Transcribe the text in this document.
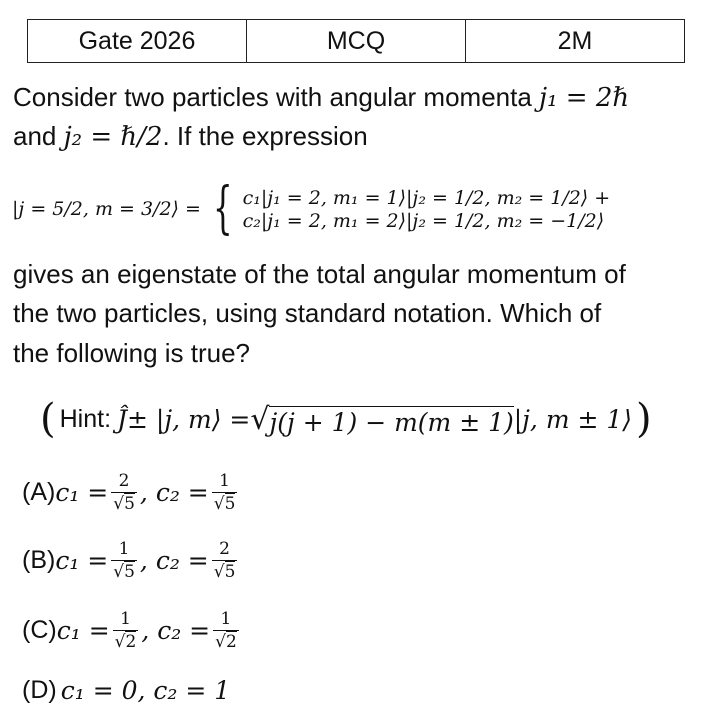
Gate 2026	MCQ	2M
Consider two particles with angular momenta j₁ = 2ℏ
and j₂ = ℏ/2. If the expression
|j = 5/2, m = 3/2⟩ = { c₁|j₁ = 2, m₁ = 1⟩|j₂ = 1/2, m₂ = 1/2⟩ +
c₂|j₁ = 2, m₁ = 2⟩|j₂ = 1/2, m₂ = −1/2⟩
gives an eigenstate of the total angular momentum of
the two particles, using standard notation. Which of
the following is true?
( Hint: Ĵ± |j, m⟩ = √ j(j + 1) − m(m ± 1) |j, m ± 1⟩ )
(A) $c_1 = \frac{2}{√5}$ , $c_2 = \frac{1}{√5}$
(B) $c_1 = \frac{1}{√5}$ , $c_2 = \frac{2}{√5}$
(C) $c_1 = \frac{1}{√2}$ , $c_2 = \frac{1}{√2}$
(D) c₁ = 0, c₂ = 1
